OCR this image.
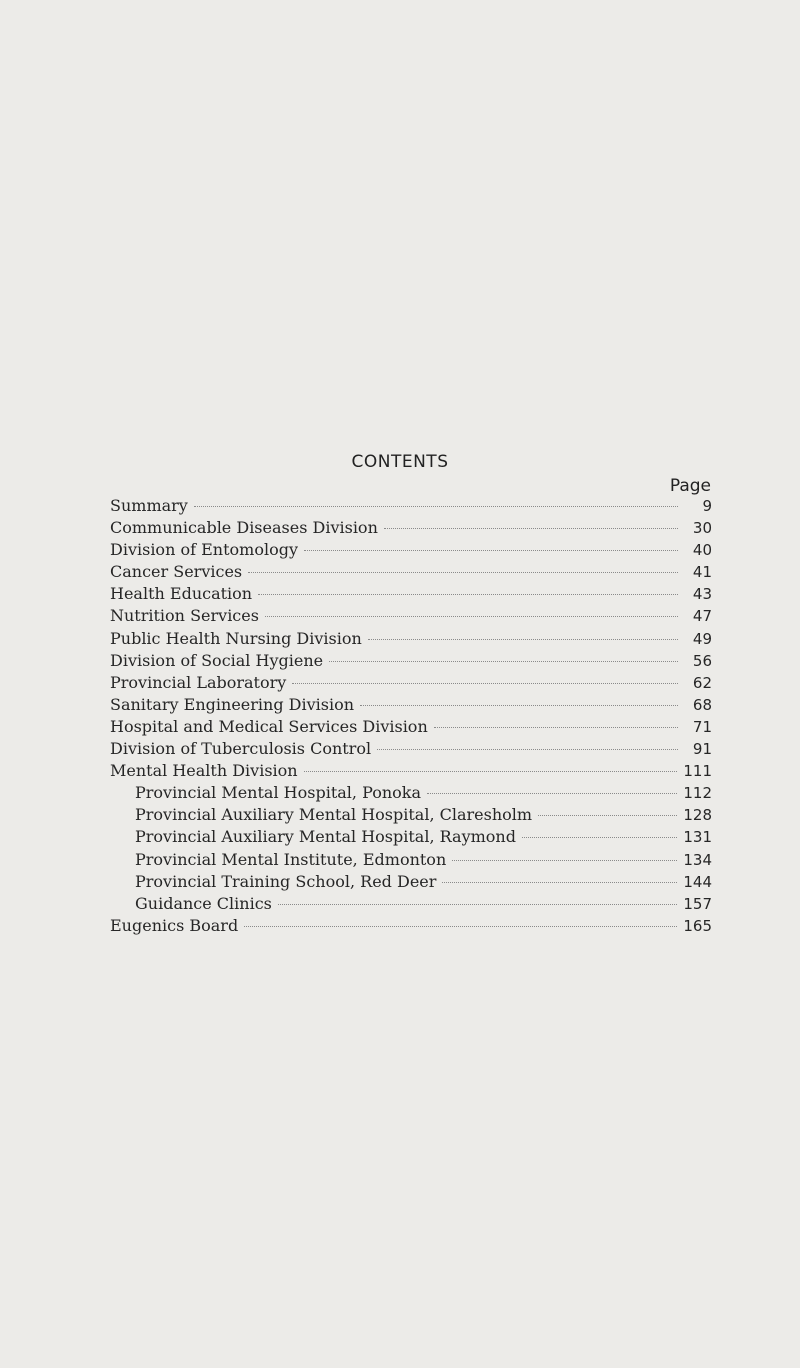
CONTENTS
Page
Summary	9
Communicable Diseases Division	30
Division of Entomology	40
Cancer Services	41
Health Education	43
Nutrition Services	47
Public Health Nursing Division	49
Division of Social Hygiene	56
Provincial Laboratory	62
Sanitary Engineering Division	68
Hospital and Medical Services Division	71
Division of Tuberculosis Control	91
Mental Health Division	111
Provincial Mental Hospital, Ponoka	112
Provincial Auxiliary Mental Hospital, Claresholm	128
Provincial Auxiliary Mental Hospital, Raymond	131
Provincial Mental Institute, Edmonton	134
Provincial Training School, Red Deer	144
Guidance Clinics	157
Eugenics Board	165
